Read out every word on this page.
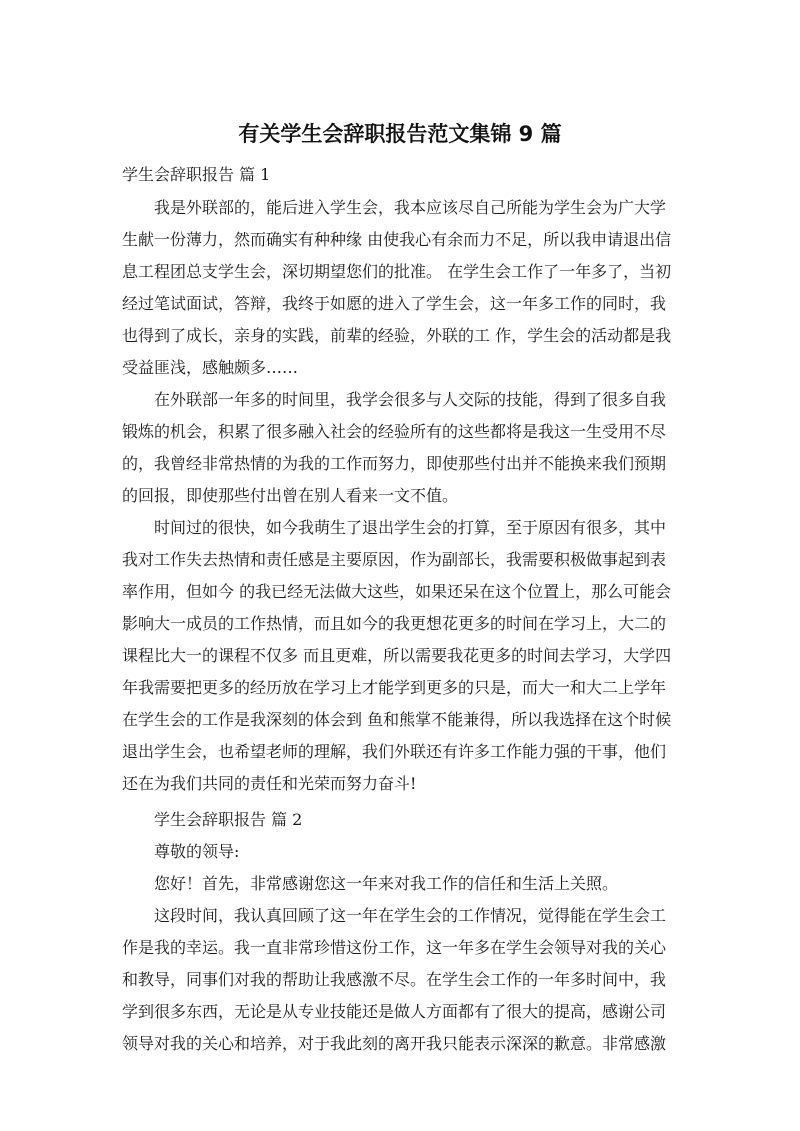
有关学生会辞职报告范文集锦 9 篇
学生会辞职报告 篇 1
我是外联部的，能后进入学生会，我本应该尽自己所能为学生会为广大学
生献一份薄力，然而确实有种种缘 由使我心有余而力不足，所以我申请退出信
息工程团总支学生会，深切期望您们的批准。 在学生会工作了一年多了，当初
经过笔试面试，答辩，我终于如愿的进入了学生会，这一年多工作的同时，我
也得到了成长，亲身的实践，前辈的经验，外联的工 作，学生会的活动都是我
受益匪浅，感触颇多……
在外联部一年多的时间里，我学会很多与人交际的技能，得到了很多自我
锻炼的机会，积累了很多融入社会的经验所有的这些都将是我这一生受用不尽
的，我曾经非常热情的为我的工作而努力，即使那些付出并不能换来我们预期
的回报，即使那些付出曾在别人看来一文不值。
时间过的很快，如今我萌生了退出学生会的打算，至于原因有很多，其中
我对工作失去热情和责任感是主要原因，作为副部长，我需要积极做事起到表
率作用，但如今 的我已经无法做大这些，如果还呆在这个位置上，那么可能会
影响大一成员的工作热情，而且如今的我更想花更多的时间在学习上，大二的
课程比大一的课程不仅多 而且更难，所以需要我花更多的时间去学习，大学四
年我需要把更多的经历放在学习上才能学到更多的只是，而大一和大二上学年
在学生会的工作是我深刻的体会到 鱼和熊掌不能兼得，所以我选择在这个时候
退出学生会，也希望老师的理解，我们外联还有许多工作能力强的干事，他们
还在为我们共同的责任和光荣而努力奋斗!
学生会辞职报告 篇 2
尊敬的领导:
您好！首先，非常感谢您这一年来对我工作的信任和生活上关照。
这段时间，我认真回顾了这一年在学生会的工作情况，觉得能在学生会工
作是我的幸运。我一直非常珍惜这份工作，这一年多在学生会领导对我的关心
和教导，同事们对我的帮助让我感激不尽。在学生会工作的一年多时间中，我
学到很多东西，无论是从专业技能还是做人方面都有了很大的提高，感谢公司
领导对我的关心和培养，对于我此刻的离开我只能表示深深的歉意。非常感激
